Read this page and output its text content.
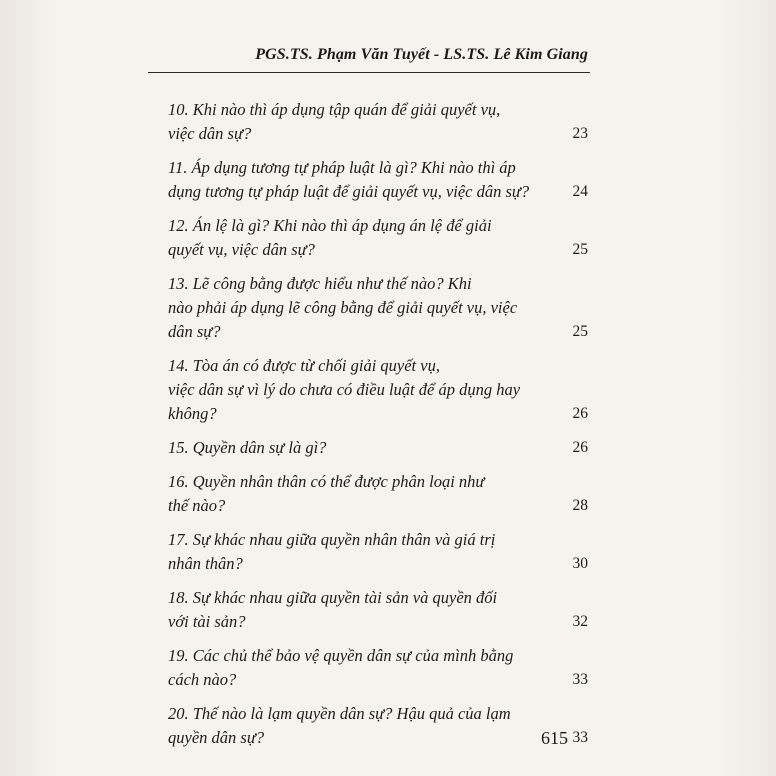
PGS.TS. Phạm Văn Tuyết - LS.TS. Lê Kim Giang
10. Khi nào thì áp dụng tập quán để giải quyết vụ,
việc dân sự?	23
11. Áp dụng tương tự pháp luật là gì? Khi nào thì áp
dụng tương tự pháp luật để giải quyết vụ, việc dân sự?	24
12. Án lệ là gì? Khi nào thì áp dụng án lệ để giải
quyết vụ, việc dân sự?	25
13. Lẽ công bằng được hiểu như thế nào? Khi
nào phải áp dụng lẽ công bằng để giải quyết vụ, việc
dân sự?	25
14. Tòa án có được từ chối giải quyết vụ,
việc dân sự vì lý do chưa có điều luật để áp dụng hay
không?	26
15. Quyền dân sự là gì?	26
16. Quyền nhân thân có thể được phân loại như
thế nào?	28
17. Sự khác nhau giữa quyền nhân thân và giá trị
nhân thân?	30
18. Sự khác nhau giữa quyền tài sản và quyền đối
với tài sản?	32
19. Các chủ thể bảo vệ quyền dân sự của mình bằng
cách nào?	33
20. Thế nào là lạm quyền dân sự? Hậu quả của lạm
quyền dân sự?	33
615
